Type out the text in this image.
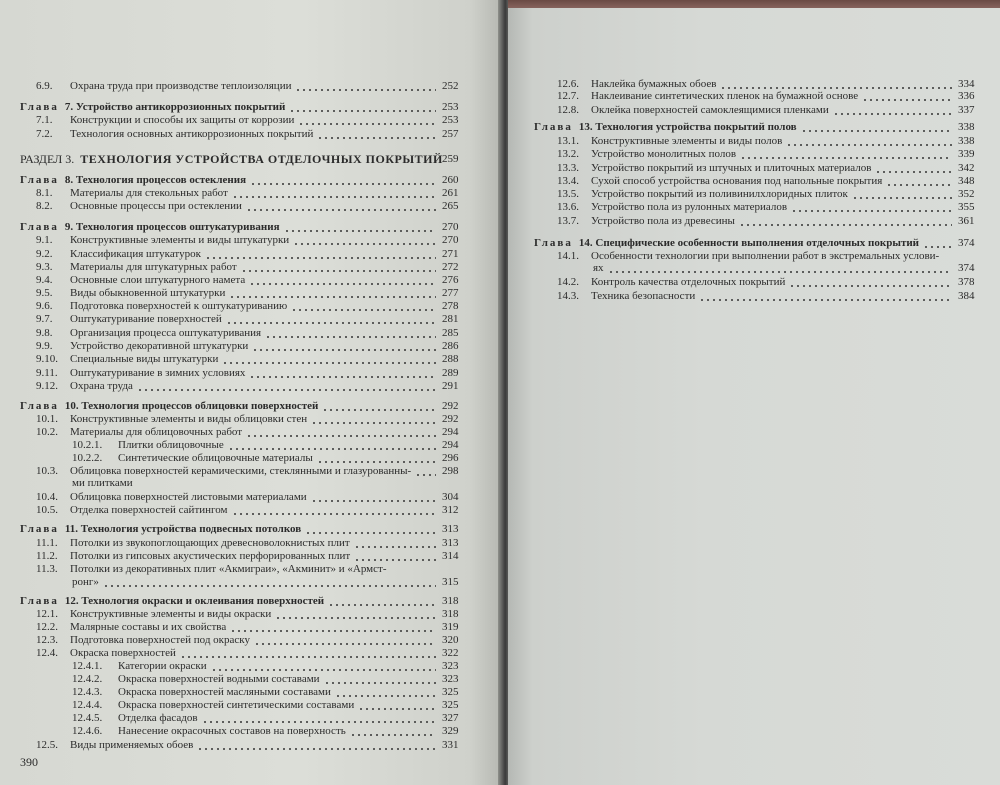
390
6.9. Охрана труда при производстве теплоизоляции	252
Глава 7. Устройство антикоррозионных покрытий	253
7.1. Конструкции и способы их защиты от коррозии	253
7.2. Технология основных антикоррозионных покрытий	257
РАЗДЕЛ 3. ТЕХНОЛОГИЯ УСТРОЙСТВА ОТДЕЛОЧНЫХ ПОКРЫТИЙ 259
Глава 8. Технология процессов остекления	260
8.1. Материалы для стекольных работ	261
8.2. Основные процессы при остеклении	265
Глава 9. Технология процессов оштукатуривания	270
9.1. Конструктивные элементы и виды штукатурки	270
9.2. Классификация штукатурок	271
9.3. Материалы для штукатурных работ	272
9.4. Основные слои штукатурного намета	276
9.5. Виды обыкновенной штукатурки	277
9.6. Подготовка поверхностей к оштукатуриванию	278
9.7. Оштукатуривание поверхностей	281
9.8. Организация процесса оштукатуривания	285
9.9. Устройство декоративной штукатурки	286
9.10. Специальные виды штукатурки	288
9.11. Оштукатуривание в зимних условиях	289
9.12. Охрана труда	291
Глава 10. Технология процессов облицовки поверхностей	292
10.1. Конструктивные элементы и виды облицовки стен	292
10.2. Материалы для облицовочных работ	294
10.2.1. Плитки облицовочные	294
10.2.2. Синтетические облицовочные материалы	296
10.3. Облицовка поверхностей керамическими, стеклянными и глазурованны-	298
ми плитками
10.4. Облицовка поверхностей листовыми материалами	304
10.5. Отделка поверхностей сайтингом	312
Глава 11. Технология устройства подвесных потолков	313
11.1. Потолки из звукопоглощающих древесноволокнистых плит	313
11.2. Потолки из гипсовых акустических перфорированных плит	314
11.3. Потолки из декоративных плит «Акмиграи», «Акминит» и «Армст-
ронг»	315
Глава 12. Технология окраски и оклеивания поверхностей	318
12.1. Конструктивные элементы и виды окраски	318
12.2. Малярные составы и их свойства	319
12.3. Подготовка поверхностей под окраску	320
12.4. Окраска поверхностей	322
12.4.1. Категории окраски	323
12.4.2. Окраска поверхностей водными составами	323
12.4.3. Окраска поверхностей масляными составами	325
12.4.4. Окраска поверхностей синтетическими составами	325
12.4.5. Отделка фасадов	327
12.4.6. Нанесение окрасочных составов на поверхность	329
12.5. Виды применяемых обоев	331
12.6. Наклейка бумажных обоев	334
12.7. Наклеивание синтетических пленок на бумажной основе	336
12.8. Оклейка поверхностей самоклеящимися пленками	337
Глава 13. Технология устройства покрытий полов	338
13.1. Конструктивные элементы и виды полов	338
13.2. Устройство монолитных полов	339
13.3. Устройство покрытий из штучных и плиточных материалов	342
13.4. Сухой способ устройства основания под напольные покрытия	348
13.5. Устройство покрытий из поливинилхлоридных плиток	352
13.6. Устройство пола из рулонных материалов	355
13.7. Устройство пола из древесины	361
Глава 14. Специфические особенности выполнения отделочных покрытий	374
14.1. Особенности технологии при выполнении работ в экстремальных услови-
ях	374
14.2. Контроль качества отделочных покрытий	378
14.3. Техника безопасности	384
